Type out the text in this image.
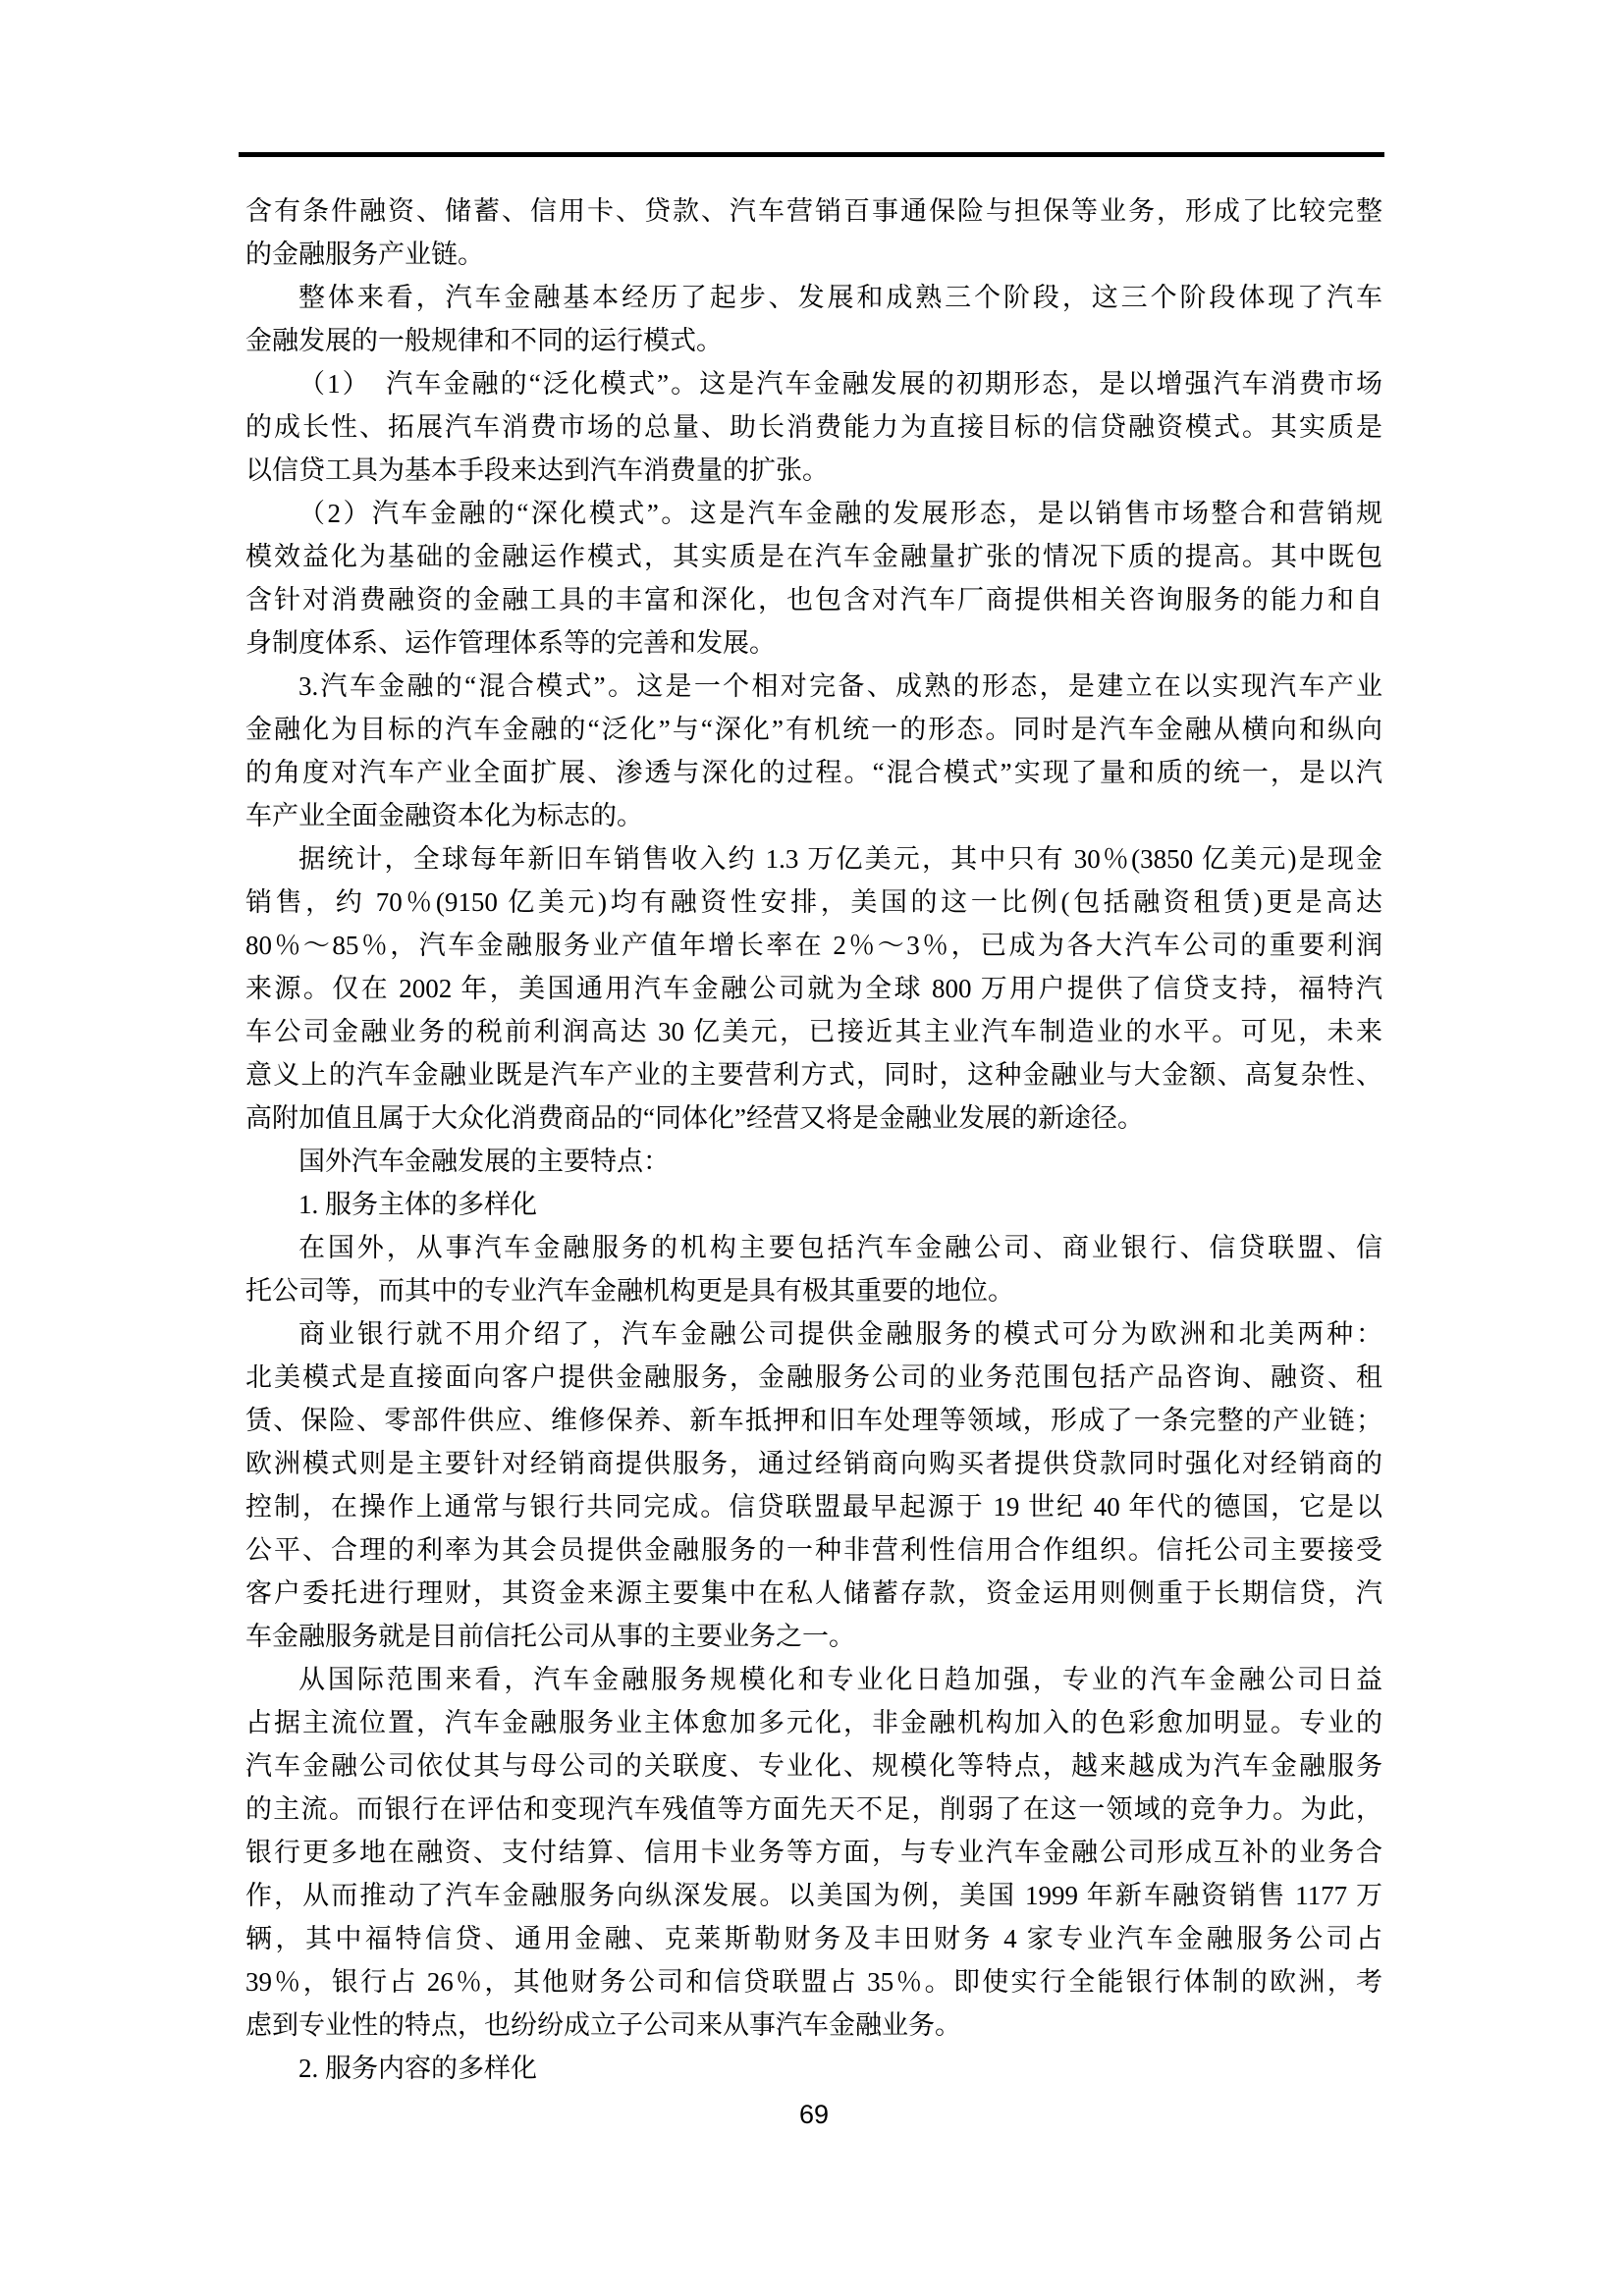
含有条件融资、储蓄、信用卡、贷款、汽车营销百事通保险与担保等业务，形成了比较完整
的金融服务产业链。
整体来看，汽车金融基本经历了起步、发展和成熟三个阶段，这三个阶段体现了汽车
金融发展的一般规律和不同的运行模式。
（1）　汽车金融的“泛化模式”。这是汽车金融发展的初期形态，是以增强汽车消费市场
的成长性、拓展汽车消费市场的总量、助长消费能力为直接目标的信贷融资模式。其实质是
以信贷工具为基本手段来达到汽车消费量的扩张。
（2）汽车金融的“深化模式”。这是汽车金融的发展形态，是以销售市场整合和营销规
模效益化为基础的金融运作模式，其实质是在汽车金融量扩张的情况下质的提高。其中既包
含针对消费融资的金融工具的丰富和深化，也包含对汽车厂商提供相关咨询服务的能力和自
身制度体系、运作管理体系等的完善和发展。
3.汽车金融的“混合模式”。这是一个相对完备、成熟的形态，是建立在以实现汽车产业
金融化为目标的汽车金融的“泛化”与“深化”有机统一的形态。同时是汽车金融从横向和纵向
的角度对汽车产业全面扩展、渗透与深化的过程。“混合模式”实现了量和质的统一，是以汽
车产业全面金融资本化为标志的。
据统计，全球每年新旧车销售收入约 1.3 万亿美元，其中只有 30％(3850 亿美元)是现金
销售，约 70％(9150 亿美元)均有融资性安排，美国的这一比例(包括融资租赁)更是高达
80％～85％，汽车金融服务业产值年增长率在 2％～3％，已成为各大汽车公司的重要利润
来源。仅在 2002 年，美国通用汽车金融公司就为全球 800 万用户提供了信贷支持，福特汽
车公司金融业务的税前利润高达 30 亿美元，已接近其主业汽车制造业的水平。可见，未来
意义上的汽车金融业既是汽车产业的主要营利方式，同时，这种金融业与大金额、高复杂性、
高附加值且属于大众化消费商品的“同体化”经营又将是金融业发展的新途径。
国外汽车金融发展的主要特点：
1. 服务主体的多样化
在国外，从事汽车金融服务的机构主要包括汽车金融公司、商业银行、信贷联盟、信
托公司等，而其中的专业汽车金融机构更是具有极其重要的地位。
商业银行就不用介绍了，汽车金融公司提供金融服务的模式可分为欧洲和北美两种：
北美模式是直接面向客户提供金融服务，金融服务公司的业务范围包括产品咨询、融资、租
赁、保险、零部件供应、维修保养、新车抵押和旧车处理等领域，形成了一条完整的产业链；
欧洲模式则是主要针对经销商提供服务，通过经销商向购买者提供贷款同时强化对经销商的
控制，在操作上通常与银行共同完成。信贷联盟最早起源于 19 世纪 40 年代的德国，它是以
公平、合理的利率为其会员提供金融服务的一种非营利性信用合作组织。信托公司主要接受
客户委托进行理财，其资金来源主要集中在私人储蓄存款，资金运用则侧重于长期信贷，汽
车金融服务就是目前信托公司从事的主要业务之一。
从国际范围来看，汽车金融服务规模化和专业化日趋加强，专业的汽车金融公司日益
占据主流位置，汽车金融服务业主体愈加多元化，非金融机构加入的色彩愈加明显。专业的
汽车金融公司依仗其与母公司的关联度、专业化、规模化等特点，越来越成为汽车金融服务
的主流。而银行在评估和变现汽车残值等方面先天不足，削弱了在这一领域的竞争力。为此，
银行更多地在融资、支付结算、信用卡业务等方面，与专业汽车金融公司形成互补的业务合
作，从而推动了汽车金融服务向纵深发展。以美国为例，美国 1999 年新车融资销售 1177 万
辆，其中福特信贷、通用金融、克莱斯勒财务及丰田财务 4 家专业汽车金融服务公司占
39％，银行占 26％，其他财务公司和信贷联盟占 35％。即使实行全能银行体制的欧洲，考
虑到专业性的特点，也纷纷成立子公司来从事汽车金融业务。
2. 服务内容的多样化
69
